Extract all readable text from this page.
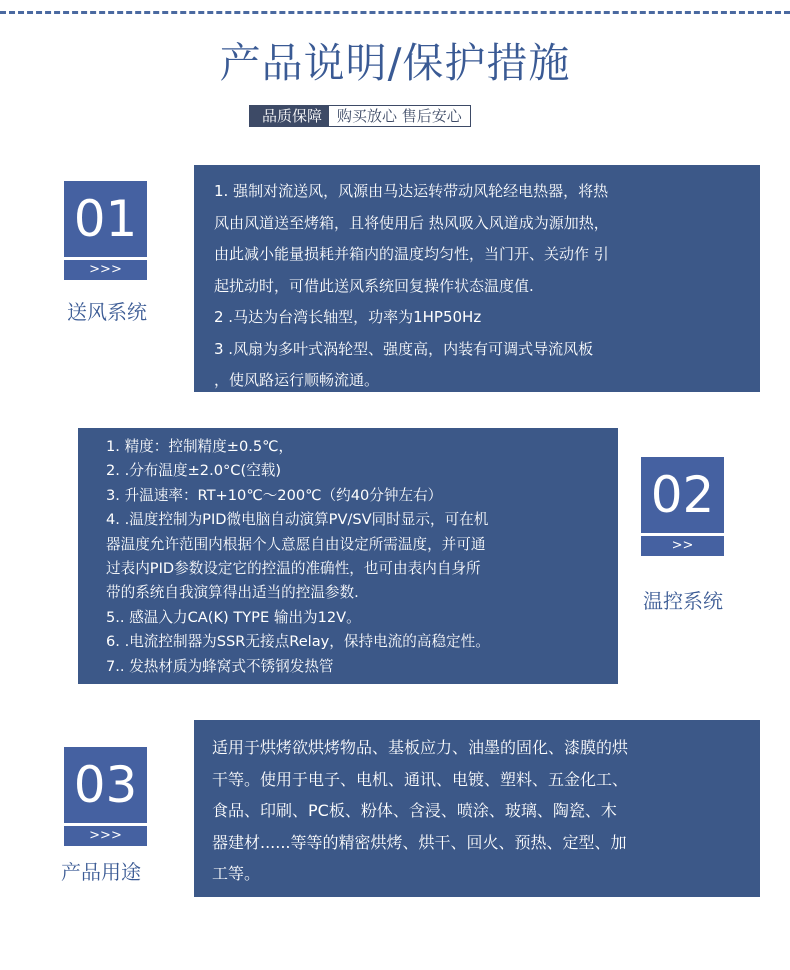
产品说明/保护措施
品质保障	购买放心 售后安心
01
>>>
送风系统

1. 强制对流送风，风源由马达运转带动风轮经电热器，将热

风由风道送至烤箱，且将使用后 热风吸入风道成为源加热，

由此减小能量损耗并箱内的温度均匀性，当门开、关动作 引

起扰动时，可借此送风系统回复操作状态温度值.

2 .马达为台湾长轴型，功率为1HP50Hz

3 .风扇为多叶式涡轮型、强度高，内装有可调式导流风板

，使风路运行顺畅流通。

1. 精度：控制精度±0.5℃，

2. .分布温度±2.0°C(空载)

3. 升温速率：RT+10℃～200℃（约40分钟左右）

4. .温度控制为PID微电脑自动演算PV/SV同时显示，可在机

器温度允许范围内根据个人意愿自由设定所需温度，并可通

过表内PID参数设定它的控温的准确性，也可由表内自身所

带的系统自我演算得出适当的控温参数.

5.. 感温入力CA(K) TYPE 输出为12V。

6. .电流控制器为SSR无接点Relay，保持电流的高稳定性。

7.. 发热材质为蜂窝式不锈钢发热管

02
>>
温控系统
03
>>>
产品用途

适用于烘烤欲烘烤物品、基板应力、油墨的固化、漆膜的烘

干等。使用于电子、电机、通讯、电镀、塑料、五金化工、

食品、印刷、PC板、粉体、含浸、喷涂、玻璃、陶瓷、木

器建材......等等的精密烘烤、烘干、回火、预热、定型、加

工等。
